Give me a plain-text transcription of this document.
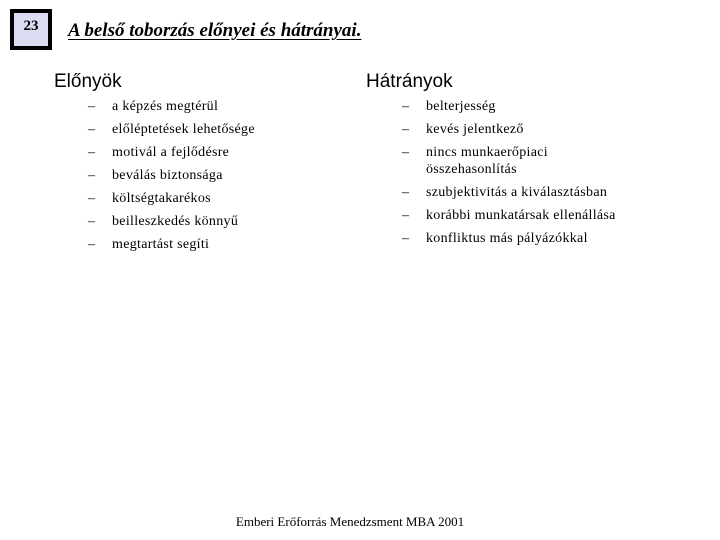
23	A belső toborzás előnyei és hátrányai.
Előnyök
–	a képzés megtérül
–	előléptetések lehetősége
–	motivál a fejlődésre
–	beválás biztonsága
–	költségtakarékos
–	beilleszkedés könnyű
–	megtartást segíti
Hátrányok
–	belterjesség
–	kevés jelentkező
–	nincs munkaerőpiaci összehasonlítás
–	szubjektivitás a kiválasztásban
–	korábbi munkatársak ellenállása
–	konfliktus más pályázókkal
Emberi Erőforrás Menedzsment MBA 2001
